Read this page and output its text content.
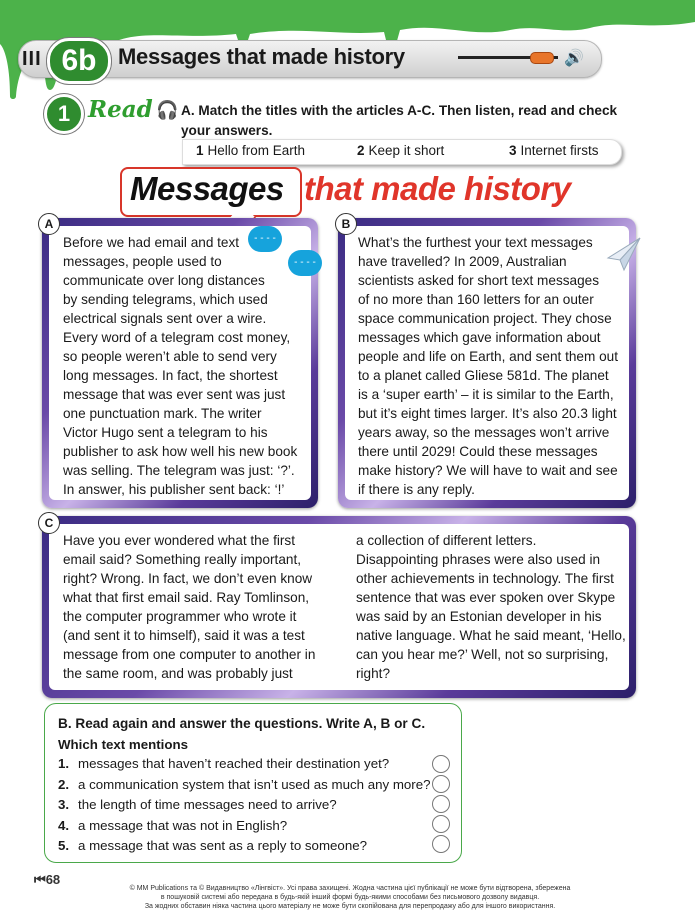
III 6b Messages that made history	🔊
1 Read 🎧 A. Match the titles with the articles A-C. Then listen, read and check your answers.
1 Hello from Earth	2 Keep it short	3 Internet firsts
Messages that made history
A
Before we had email and text
messages, people used to
communicate over long distances
by sending telegrams, which used
electrical signals sent over a wire.
Every word of a telegram cost money,
so people weren’t able to send very
long messages. In fact, the shortest
message that was ever sent was just
one punctuation mark. The writer
Victor Hugo sent a telegram to his
publisher to ask how well his new book
was selling. The telegram was just: ‘?’.
In answer, his publisher sent back: ‘!’
- - - -
- - - -
B
What’s the furthest your text messages
have travelled? In 2009, Australian
scientists asked for short text messages
of no more than 160 letters for an outer
space communication project. They chose
messages which gave information about
people and life on Earth, and sent them out
to a planet called Gliese 581d. The planet
is a ‘super earth’ – it is similar to the Earth,
but it’s eight times larger. It’s also 20.3 light
years away, so the messages won’t arrive
there until 2029! Could these messages
make history? We will have to wait and see
if there is any reply.
C
Have you ever wondered what the first
email said? Something really important,
right? Wrong. In fact, we don’t even know
what that first email said. Ray Tomlinson,
the computer programmer who wrote it
(and sent it to himself), said it was a test
message from one computer to another in
the same room, and was probably just
a collection of different letters.
Disappointing phrases were also used in
other achievements in technology. The first
sentence that was ever spoken over Skype
was said by an Estonian developer in his
native language. What he said meant, ‘Hello,
can you hear me?’ Well, not so surprising,
right?
B. Read again and answer the questions. Write A, B or C.
Which text mentions
1. messages that haven’t reached their destination yet?
2. a communication system that isn’t used as much any more?
3. the length of time messages need to arrive?
4. a message that was not in English?
5. a message that was sent as a reply to someone?
⏮68
© MM Publications та © Видавництво «Лінгвіст». Усі права захищені. Жодна частина цієї публікації не може бути відтворена, збережена
в пошуковій системі або передана в будь-якій інший формі будь-якими способами без письмового дозволу видавця.
За жодних обставин ніяка частина цього матеріалу не може бути скопійована для перепродажу або для іншого використання.
